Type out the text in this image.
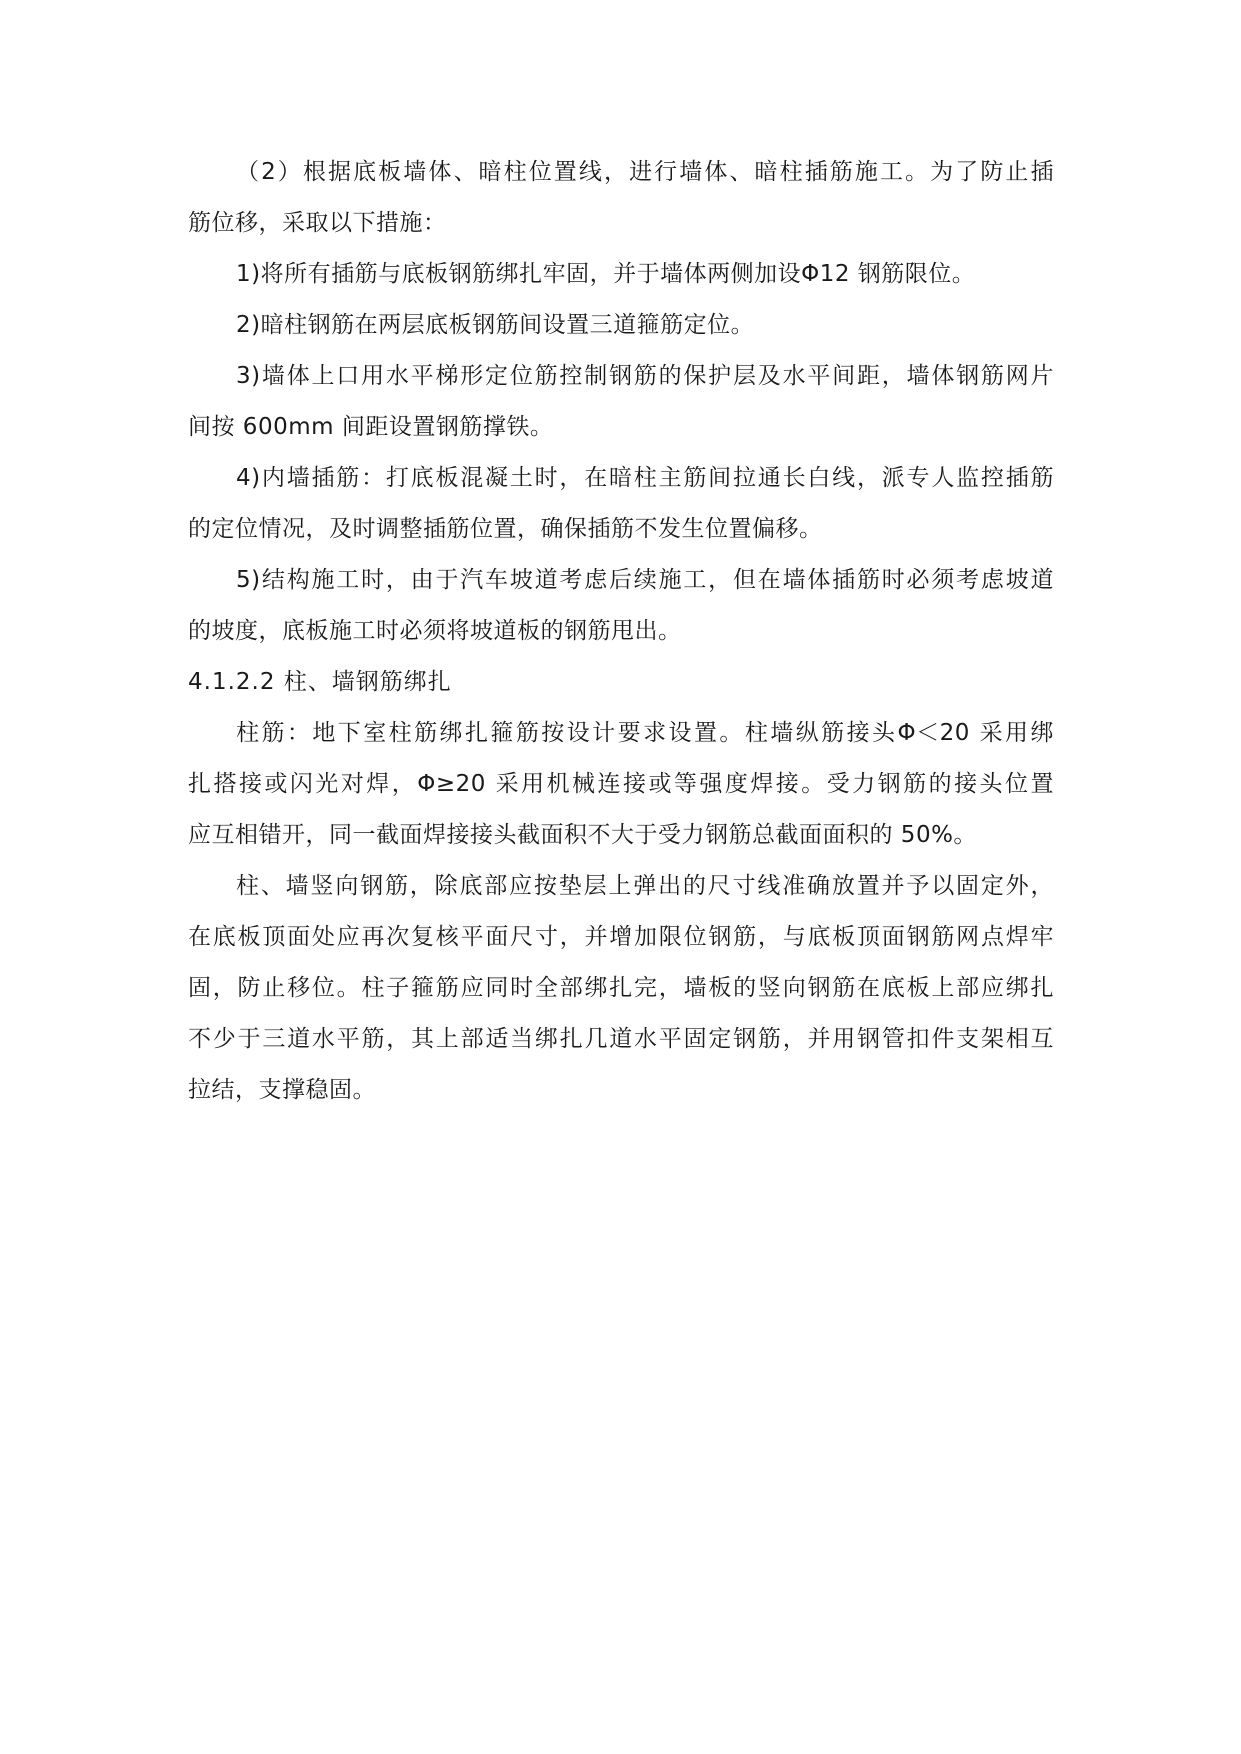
（2）根据底板墙体、暗柱位置线，进行墙体、暗柱插筋施工。为了防止插
筋位移，采取以下措施：
1)将所有插筋与底板钢筋绑扎牢固，并于墙体两侧加设Φ12 钢筋限位。
2)暗柱钢筋在两层底板钢筋间设置三道箍筋定位。
3)墙体上口用水平梯形定位筋控制钢筋的保护层及水平间距，墙体钢筋网片
间按 600mm 间距设置钢筋撑铁。
4)内墙插筋：打底板混凝土时，在暗柱主筋间拉通长白线，派专人监控插筋
的定位情况，及时调整插筋位置，确保插筋不发生位置偏移。
5)结构施工时，由于汽车坡道考虑后续施工，但在墙体插筋时必须考虑坡道
的坡度，底板施工时必须将坡道板的钢筋甩出。
4.1.2.2 柱、墙钢筋绑扎
柱筋：地下室柱筋绑扎箍筋按设计要求设置。柱墙纵筋接头Φ＜20 采用绑
扎搭接或闪光对焊，Φ≥20 采用机械连接或等强度焊接。受力钢筋的接头位置
应互相错开，同一截面焊接接头截面积不大于受力钢筋总截面面积的 50%。
柱、墙竖向钢筋，除底部应按垫层上弹出的尺寸线准确放置并予以固定外，
在底板顶面处应再次复核平面尺寸，并增加限位钢筋，与底板顶面钢筋网点焊牢
固，防止移位。柱子箍筋应同时全部绑扎完，墙板的竖向钢筋在底板上部应绑扎
不少于三道水平筋，其上部适当绑扎几道水平固定钢筋，并用钢管扣件支架相互
拉结，支撑稳固。
